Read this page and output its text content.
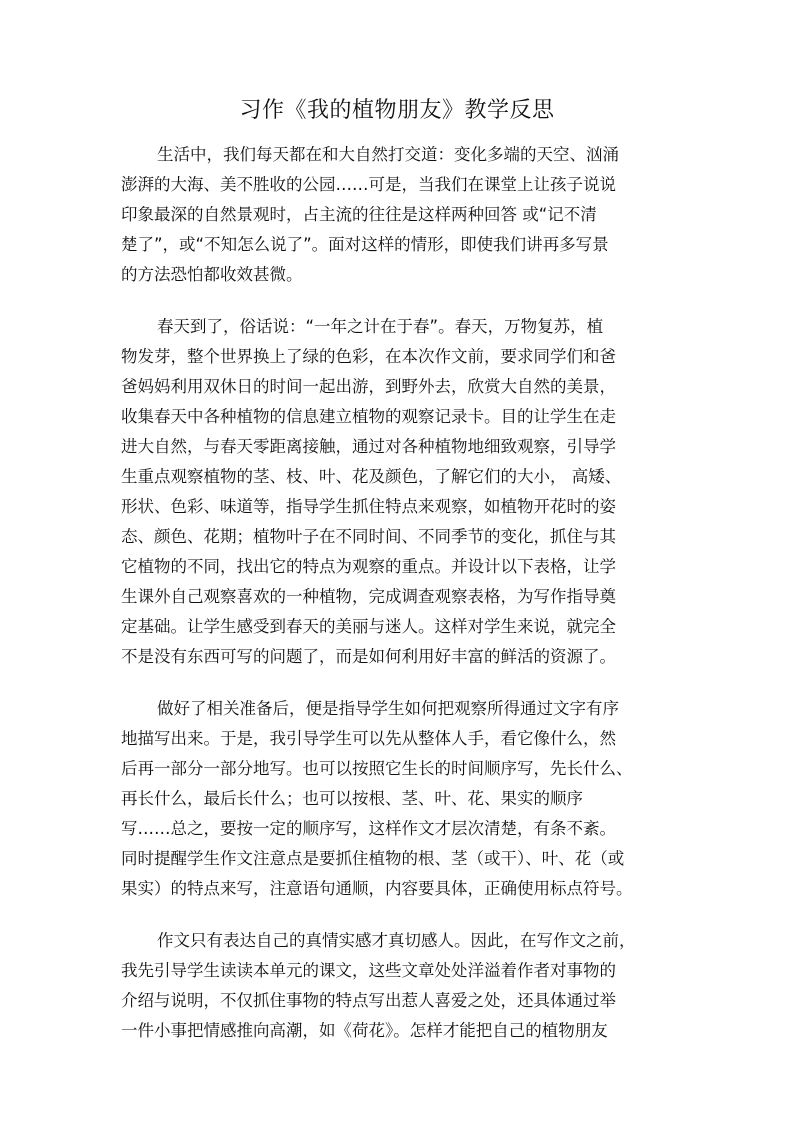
习作《我的植物朋友》教学反思
生活中，我们每天都在和大自然打交道：变化多端的天空、汹涌
澎湃的大海、美不胜收的公园……可是，当我们在课堂上让孩子说说
印象最深的自然景观时，占主流的往往是这样两种回答 或“记不清
楚了”，或“不知怎么说了”。面对这样的情形，即使我们讲再多写景
的方法恐怕都收效甚微。
春天到了，俗话说：“一年之计在于春”。春天，万物复苏，植
物发芽，整个世界换上了绿的色彩，在本次作文前，要求同学们和爸
爸妈妈利用双休日的时间一起出游，到野外去，欣赏大自然的美景，
收集春天中各种植物的信息建立植物的观察记录卡。目的让学生在走
进大自然，与春天零距离接触，通过对各种植物地细致观察，引导学
生重点观察植物的茎、枝、叶、花及颜色，了解它们的大小， 高矮、
形状、色彩、味道等，指导学生抓住特点来观察，如植物开花时的姿
态、颜色、花期；植物叶子在不同时间、不同季节的变化，抓住与其
它植物的不同，找出它的特点为观察的重点。并设计以下表格，让学
生课外自己观察喜欢的一种植物，完成调查观察表格，为写作指导奠
定基础。让学生感受到春天的美丽与迷人。这样对学生来说，就完全
不是没有东西可写的问题了，而是如何利用好丰富的鲜活的资源了。
做好了相关准备后，便是指导学生如何把观察所得通过文字有序
地描写出来。于是，我引导学生可以先从整体人手，看它像什么，然
后再一部分一部分地写。也可以按照它生长的时间顺序写，先长什么、
再长什么，最后长什么；也可以按根、茎、叶、花、果实的顺序
写……总之，要按一定的顺序写，这样作文才层次清楚，有条不紊。
同时提醒学生作文注意点是要抓住植物的根、茎（或干）、叶、花（或
果实）的特点来写，注意语句通顺，内容要具体，正确使用标点符号。
作文只有表达自己的真情实感才真切感人。因此，在写作文之前，
我先引导学生读读本单元的课文，这些文章处处洋溢着作者对事物的
介绍与说明，不仅抓住事物的特点写出惹人喜爱之处，还具体通过举
一件小事把情感推向高潮，如《荷花》。怎样才能把自己的植物朋友
